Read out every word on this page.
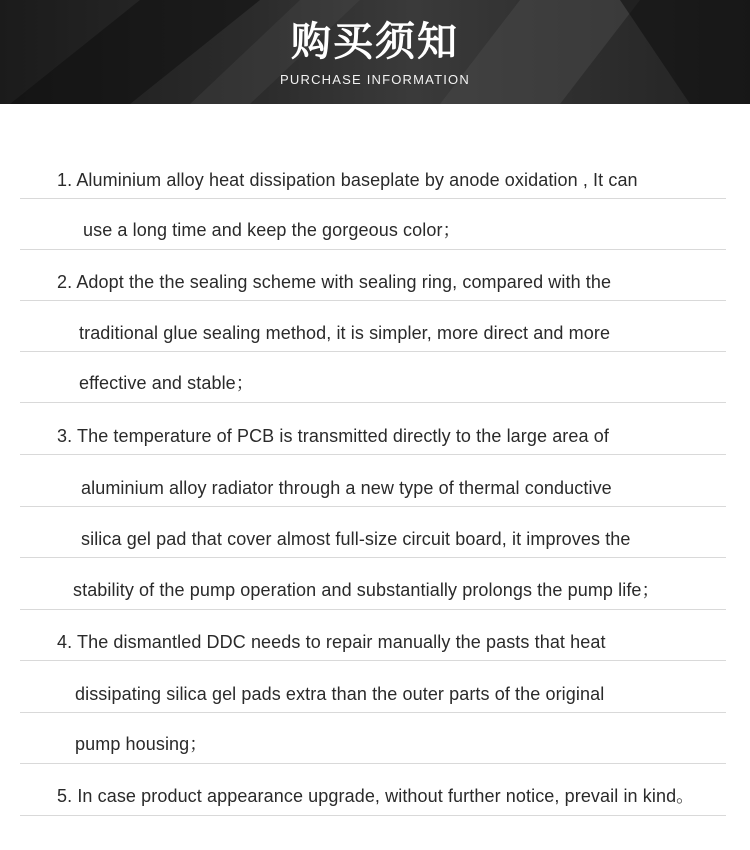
购买须知
PURCHASE INFORMATION
1. Aluminium alloy heat dissipation baseplate by anode oxidation , It can
use a long time and keep the gorgeous color；
2. Adopt the the sealing scheme with sealing ring, compared with the
traditional glue sealing method, it is simpler, more direct and more
effective and stable；
3. The temperature of PCB is transmitted directly to the large area of
aluminium alloy radiator through a new type of thermal conductive
silica gel pad that cover almost full-size circuit board, it improves the
stability of the pump operation and substantially prolongs the pump life；
4. The dismantled DDC needs to repair manually the pasts that heat
dissipating silica gel pads extra than the outer parts of the original
pump housing；
5. In case product appearance upgrade, without further notice, prevail in kind。
